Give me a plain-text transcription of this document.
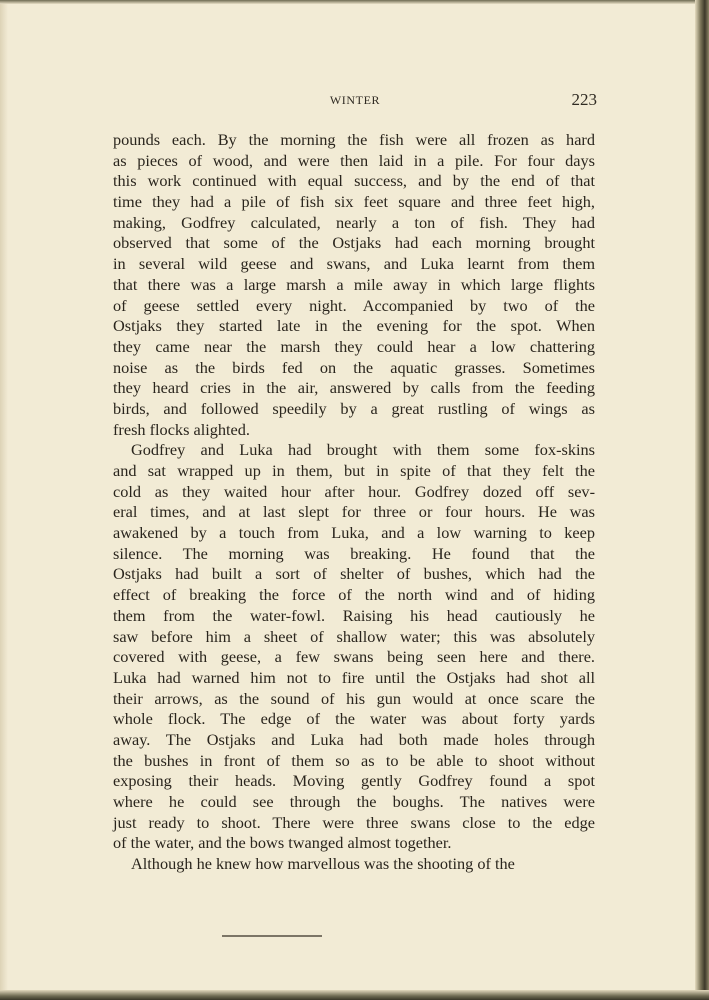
WINTER	223
pounds each. By the morning the fish were all frozen as hard
as pieces of wood, and were then laid in a pile. For four days
this work continued with equal success, and by the end of that
time they had a pile of fish six feet square and three feet high,
making, Godfrey calculated, nearly a ton of fish. They had
observed that some of the Ostjaks had each morning brought
in several wild geese and swans, and Luka learnt from them
that there was a large marsh a mile away in which large flights
of geese settled every night. Accompanied by two of the
Ostjaks they started late in the evening for the spot. When
they came near the marsh they could hear a low chattering
noise as the birds fed on the aquatic grasses. Sometimes
they heard cries in the air, answered by calls from the feeding
birds, and followed speedily by a great rustling of wings as
fresh flocks alighted.
Godfrey and Luka had brought with them some fox-skins
and sat wrapped up in them, but in spite of that they felt the
cold as they waited hour after hour. Godfrey dozed off sev-
eral times, and at last slept for three or four hours. He was
awakened by a touch from Luka, and a low warning to keep
silence. The morning was breaking. He found that the
Ostjaks had built a sort of shelter of bushes, which had the
effect of breaking the force of the north wind and of hiding
them from the water-fowl. Raising his head cautiously he
saw before him a sheet of shallow water; this was absolutely
covered with geese, a few swans being seen here and there.
Luka had warned him not to fire until the Ostjaks had shot all
their arrows, as the sound of his gun would at once scare the
whole flock. The edge of the water was about forty yards
away. The Ostjaks and Luka had both made holes through
the bushes in front of them so as to be able to shoot without
exposing their heads. Moving gently Godfrey found a spot
where he could see through the boughs. The natives were
just ready to shoot. There were three swans close to the edge
of the water, and the bows twanged almost together.
Although he knew how marvellous was the shooting of the
